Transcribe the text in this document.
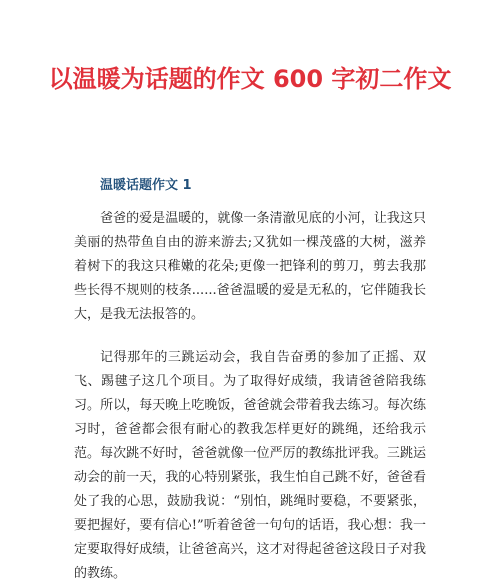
以温暖为话题的作文 600 字初二作文
温暖话题作文 1

爸爸的爱是温暖的，就像一条清澈见底的小河，让我这只美丽的热带鱼自由的游来游去;又犹如一棵茂盛的大树，滋养着树下的我这只稚嫩的花朵;更像一把锋利的剪刀，剪去我那些长得不规则的枝条......爸爸温暖的爱是无私的，它伴随我长大，是我无法报答的。

记得那年的三跳运动会，我自告奋勇的参加了正摇、双飞、踢毽子这几个项目。为了取得好成绩，我请爸爸陪我练习。所以，每天晚上吃晚饭，爸爸就会带着我去练习。每次练习时，爸爸都会很有耐心的教我怎样更好的跳绳，还给我示范。每次跳不好时，爸爸就像一位严厉的教练批评我。三跳运动会的前一天，我的心特别紧张，我生怕自己跳不好，爸爸看处了我的心思，鼓励我说：“别怕，跳绳时要稳，不要紧张，要把握好，要有信心!”听着爸爸一句句的话语，我心想：我一定要取得好成绩，让爸爸高兴，这才对得起爸爸这段日子对我的教练。
